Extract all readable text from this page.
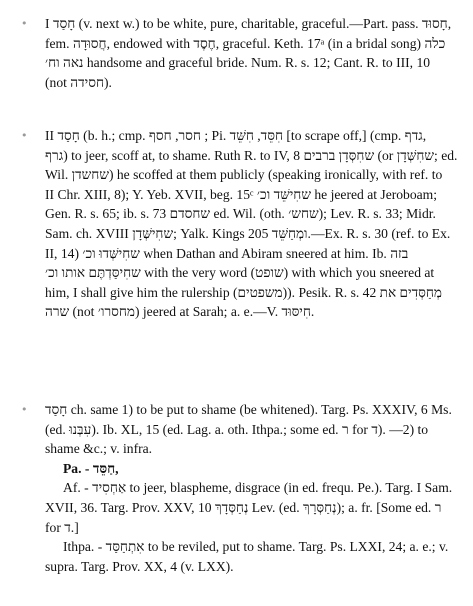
• I חָסַד (v. next w.) to be white, pure, charitable, graceful.—Part. pass. חָסוּד,
fem. חֲסוּדָה, endowed with חֶסֶד, graceful. Keth. 17ᵃ (in a bridal song) כלה
נאה וח׳ handsome and graceful bride. Num. R. s. 12; Cant. R. to III, 10
(not חסידה).
• II חָסַד (b. h.; cmp. חסר, חסף ; Pi. חִסֵּד, חִשֵּׁד [to scrape off,] (cmp. גדף,
גרף) to jeer, scoff at, to shame. Ruth R. to IV, 8 שחִסְּדָן ברבים (or שחִשְּׁדָן; ed.
Wil. שחשדן) he scoffed at them publicly (speaking ironically, with ref. to
II Chr. XIII, 8); Y. Yeb. XVII, beg. 15ᶜ שחִישֵּׁד וכ׳ he jeered at Jeroboam;
Gen. R. s. 65; ib. s. 73 שחסדם ed. Wil. (oth. שחש׳); Lev. R. s. 33; Midr.
Sam. ch. XVIII שחִישְּׁדָן; Yalk. Kings 205 ומְחַשֵּׁד.—Ex. R. s. 30 (ref. to Ex.
II, 14) שחִישְּׁדוּ וכ׳ when Dathan and Abiram sneered at him. Ib. בזה
שחִיסַּדְתֶּם אותו וכ׳ with the very word (שופט) with which you sneered at
him, I shall give him the rulership (משפטים)). Pesik. R. s. 42 מְחַסְּדִים את
שרה (not מחסרו׳) jeered at Sarah; a. e.—V. חִיסּוּד.
• חָסַד ch. same 1) to be put to shame (be whitened). Targ. Ps. XXXIV, 6 Ms.
(ed. עִבְּנוּ). Ib. XL, 15 (ed. Lag. a. oth. Ithpa.; some ed. ר for ד). —2) to
shame &c.; v. infra.
Pa. - חַסֵּד,
Af. - אַחְסִיד to jeer, blaspheme, disgrace (in ed. frequ. Pe.). Targ. I Sam.
XVII, 36. Targ. Prov. XXV, 10 נְחַסְּדָךְ Lev. (ed. נְחַסְּרָךְ); a. fr. [Some ed. ר
for ד.]
Ithpa. - אִתְחַסַּד to be reviled, put to shame. Targ. Ps. LXXI, 24; a. e.; v.
supra. Targ. Prov. XX, 4 (v. LXX).
